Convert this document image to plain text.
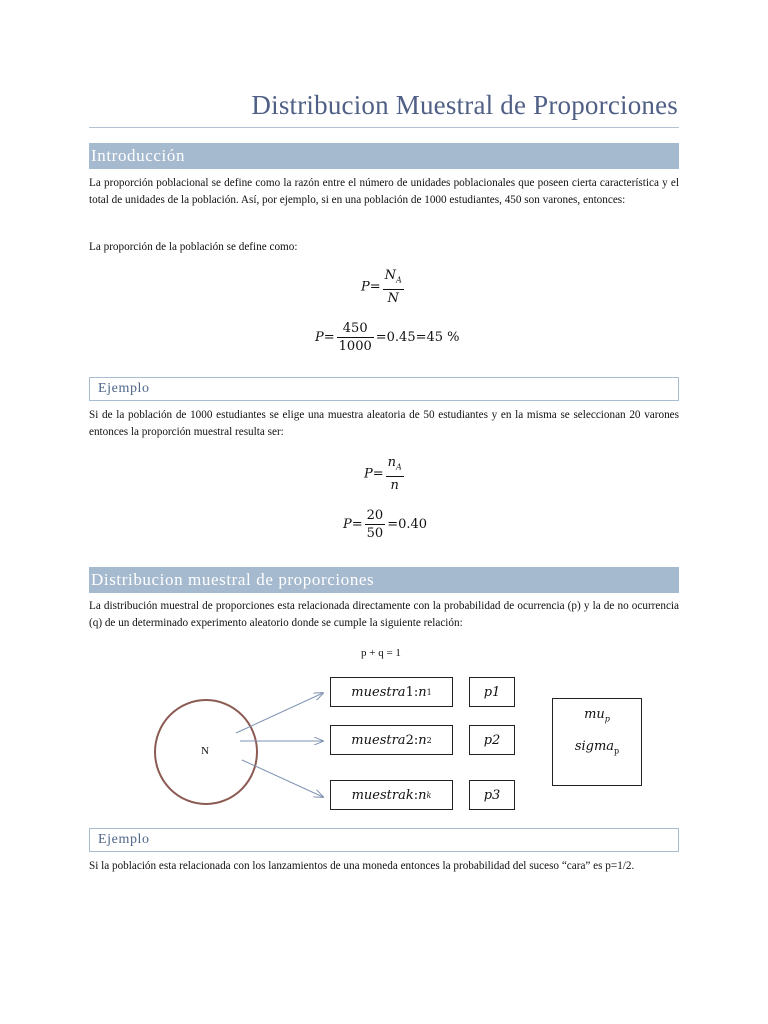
Distribucion Muestral de Proporciones
Introducción
La proporción poblacional se define como la razón entre el número de unidades poblacionales que poseen cierta característica y el total de unidades de la población. Así, por ejemplo, si en una población de 1000 estudiantes, 450 son varones, entonces:
La proporción de la población se define como:
$P= \frac{N_A}{N}$
$P= \frac{450}{1000} =0.45=45$ %
Ejemplo
Si de la población de 1000 estudiantes se elige una muestra aleatoria de 50 estudiantes y en la misma se seleccionan 20 varones entonces la proporción muestral resulta ser:
$P= \frac{n_A}{n}$
$P= \frac{20}{50} =0.40$
Distribucion muestral de proporciones
La distribución muestral de proporciones esta relacionada directamente con la probabilidad de ocurrencia (p) y la de no ocurrencia (q) de un determinado experimento aleatorio donde se cumple la siguiente relación:
p + q = 1
N
muestra 1 : n 1
muestra 2 : n 2
muestra k : n k
p1
p2
p3
$mu_p$
sigma$_p$
Ejemplo
Si la población esta relacionada con los lanzamientos de una moneda entonces la probabilidad del suceso “cara” es p=1/2.
